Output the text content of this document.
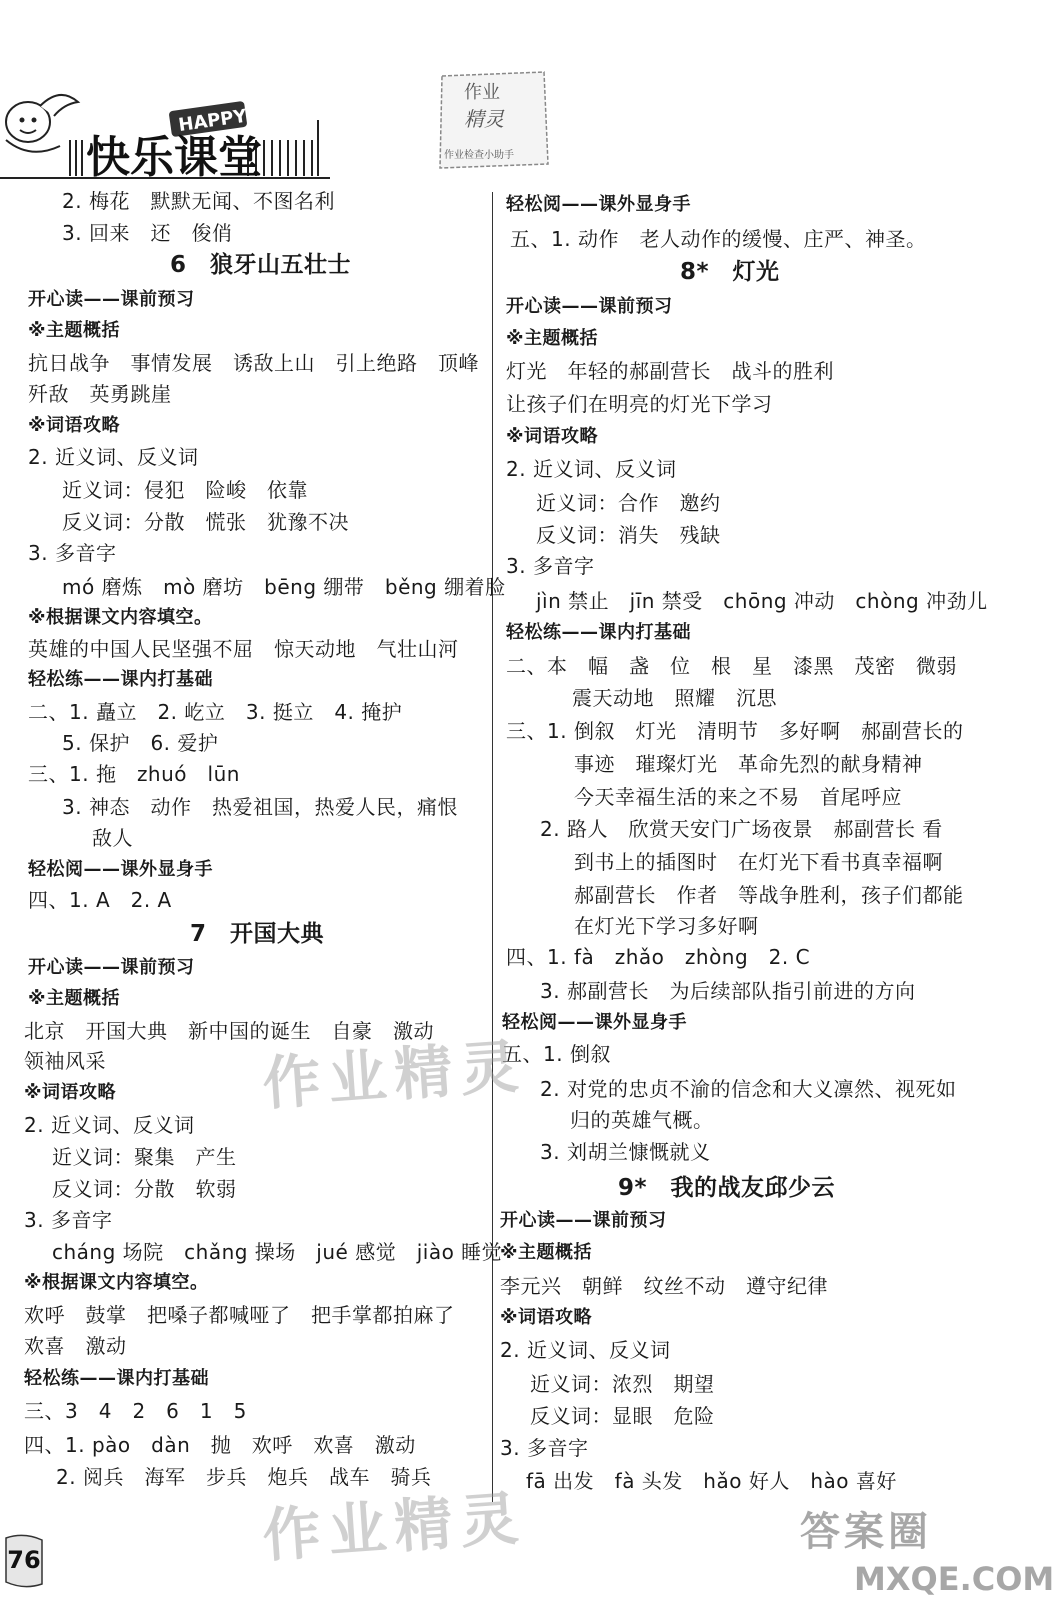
HAPPY
快乐课堂
作业
精灵
作业检查小助手
2. 梅花　默默无闻、不图名利
3. 回来　还　俊俏
6　狼牙山五壮士
开心读——课前预习
※主题概括
抗日战争　事情发展　诱敌上山　引上绝路　顶峰
歼敌　英勇跳崖
※词语攻略
2. 近义词、反义词
近义词：侵犯　险峻　依靠
反义词：分散　慌张　犹豫不决
3. 多音字
mó 磨炼　mò 磨坊　bēng 绷带　běng 绷着脸
※根据课文内容填空。
英雄的中国人民坚强不屈　惊天动地　气壮山河
轻松练——课内打基础
二、1. 矗立　2. 屹立　3. 挺立　4. 掩护
5. 保护　6. 爱护
三、1. 拖　zhuó　lūn
3. 神态　动作　热爱祖国，热爱人民，痛恨
敌人
轻松阅——课外显身手
四、1. A　2. A
7　开国大典
开心读——课前预习
※主题概括
北京　开国大典　新中国的诞生　自豪　激动
领袖风采
※词语攻略
2. 近义词、反义词
近义词：聚集　产生
反义词：分散　软弱
3. 多音字
cháng 场院　chǎng 操场　jué 感觉　jiào 睡觉
※根据课文内容填空。
欢呼　鼓掌　把嗓子都喊哑了　把手掌都拍麻了
欢喜　激动
轻松练——课内打基础
三、3　4　2　6　1　5
四、1. pào　dàn　抛　欢呼　欢喜　激动
2. 阅兵　海军　步兵　炮兵　战车　骑兵
轻松阅——课外显身手
五、1. 动作　老人动作的缓慢、庄严、神圣。
8*　灯光
开心读——课前预习
※主题概括
灯光　年轻的郝副营长　战斗的胜利
让孩子们在明亮的灯光下学习
※词语攻略
2. 近义词、反义词
近义词：合作　邀约
反义词：消失　残缺
3. 多音字
jìn 禁止　jīn 禁受　chōng 冲动　chòng 冲劲儿
轻松练——课内打基础
二、本　幅　盏　位　根　星　漆黑　茂密　微弱
震天动地　照耀　沉思
三、1. 倒叙　灯光　清明节　多好啊　郝副营长的
事迹　璀璨灯光　革命先烈的献身精神
今天幸福生活的来之不易　首尾呼应
2. 路人　欣赏天安门广场夜景　郝副营长 看
到书上的插图时　在灯光下看书真幸福啊
郝副营长　作者　等战争胜利，孩子们都能
在灯光下学习多好啊
四、1. fà　zhǎo　zhòng　2. C
3. 郝副营长　为后续部队指引前进的方向
轻松阅——课外显身手
五、1. 倒叙
2. 对党的忠贞不渝的信念和大义凛然、视死如
归的英雄气概。
3. 刘胡兰慷慨就义
9*　我的战友邱少云
开心读——课前预习
※主题概括
李元兴　朝鲜　纹丝不动　遵守纪律
※词语攻略
2. 近义词、反义词
近义词：浓烈　期望
反义词：显眼　危险
3. 多音字
fā 出发　fà 头发　hǎo 好人　hào 喜好
作业精灵
作业精灵
76
答案圈
MXQE.COM
